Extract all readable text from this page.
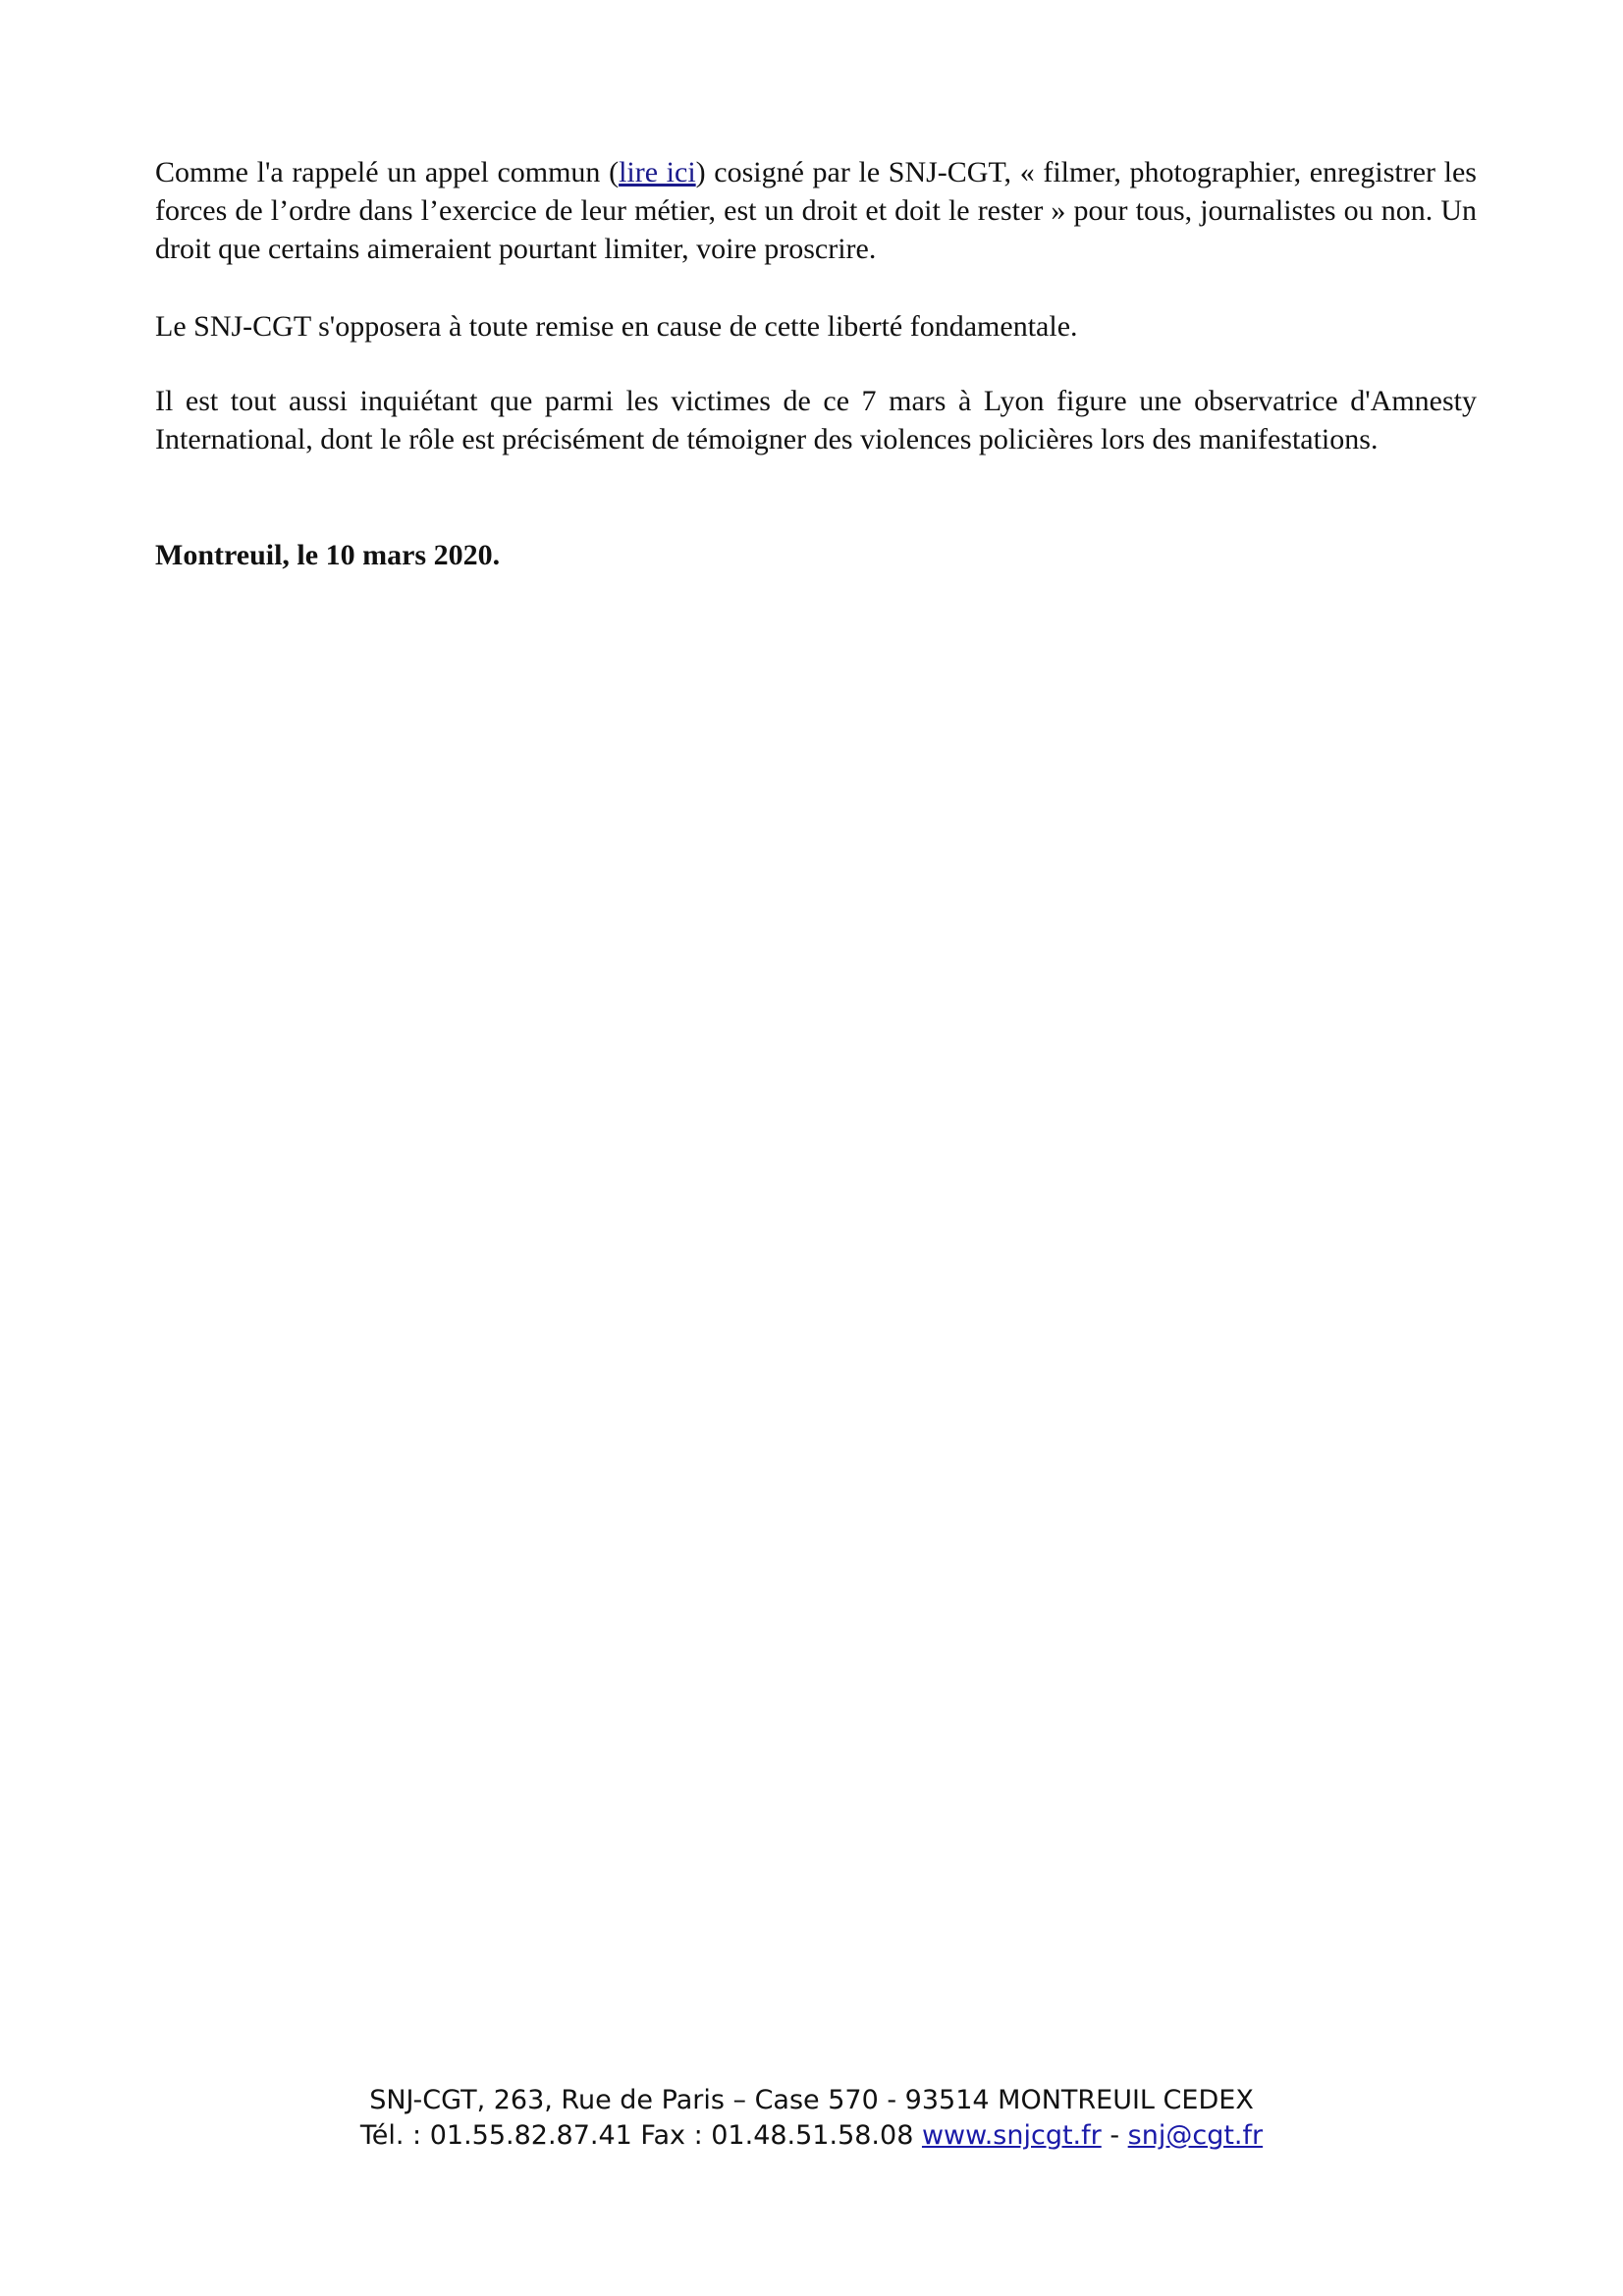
Comme l'a rappelé un appel commun (lire ici) cosigné par le SNJ-CGT, « filmer, photographier, enregistrer les forces de l’ordre dans l’exercice de leur métier, est un droit et doit le rester » pour tous, journalistes ou non. Un droit que certains aimeraient pourtant limiter, voire proscrire.

Le SNJ-CGT s'opposera à toute remise en cause de cette liberté fondamentale.

Il est tout aussi inquiétant que parmi les victimes de ce 7 mars à Lyon figure une observatrice d'Amnesty International, dont le rôle est précisément de témoigner des violences policières lors des manifestations.

Montreuil, le 10 mars 2020.

SNJ-CGT, 263, Rue de Paris – Case 570 - 93514 MONTREUIL CEDEX
Tél. : 01.55.82.87.41 Fax : 01.48.51.58.08 www.snjcgt.fr - snj@cgt.fr
